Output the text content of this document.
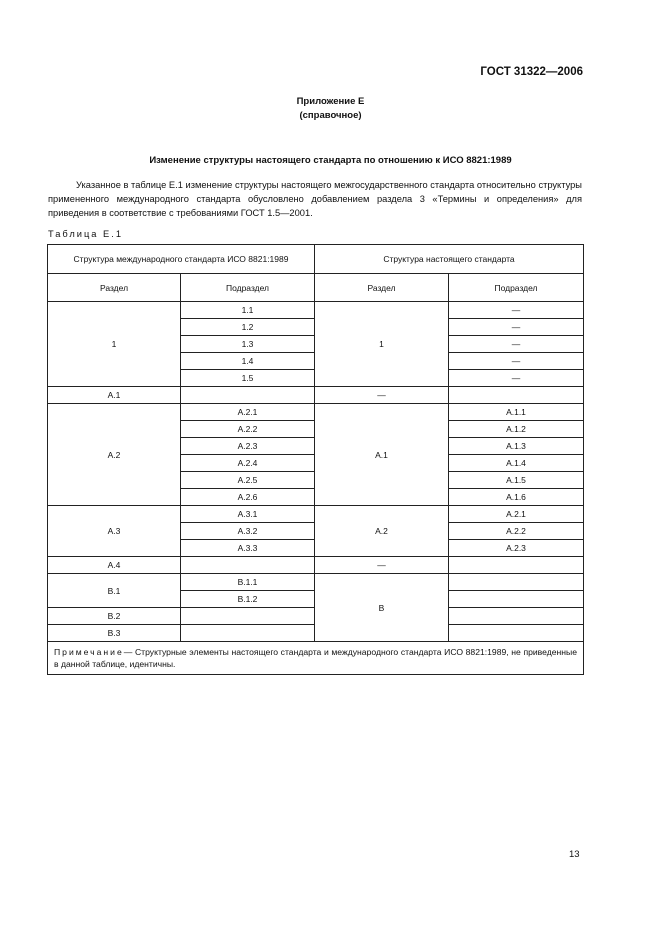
ГОСТ 31322—2006
Приложение Е
(справочное)
Изменение структуры настоящего стандарта по отношению к ИСО 8821:1989
Указанное в таблице Е.1 изменение структуры настоящего межгосударственного стандарта относительно структуры примененного международного стандарта обусловлено добавлением раздела 3 «Термины и определения» для приведения в соответствие с требованиями ГОСТ 1.5—2001.
Таблица Е.1
Структура международного стандарта ИСО 8821:1989		Структура настоящего стандарта	
Раздел	Подраздел	Раздел	Подраздел
1	1.1	1	—
	1.2		—
	1.3		—
	1.4		—
	1.5		—
А.1		—	
А.2	А.2.1	А.1	А.1.1
	А.2.2		А.1.2
	А.2.3		А.1.3
	А.2.4		А.1.4
	А.2.5		А.1.5
	А.2.6		А.1.6
А.3	А.3.1	А.2	А.2.1
	А.3.2		А.2.2
	А.3.3		А.2.3
А.4		—	
В.1	В.1.1	В	
	В.1.2		
В.2			
В.3			
Примечание— Структурные элементы настоящего стандарта и международного стандарта ИСО 8821:1989, не приведенные в данной таблице, идентичны.			
13
